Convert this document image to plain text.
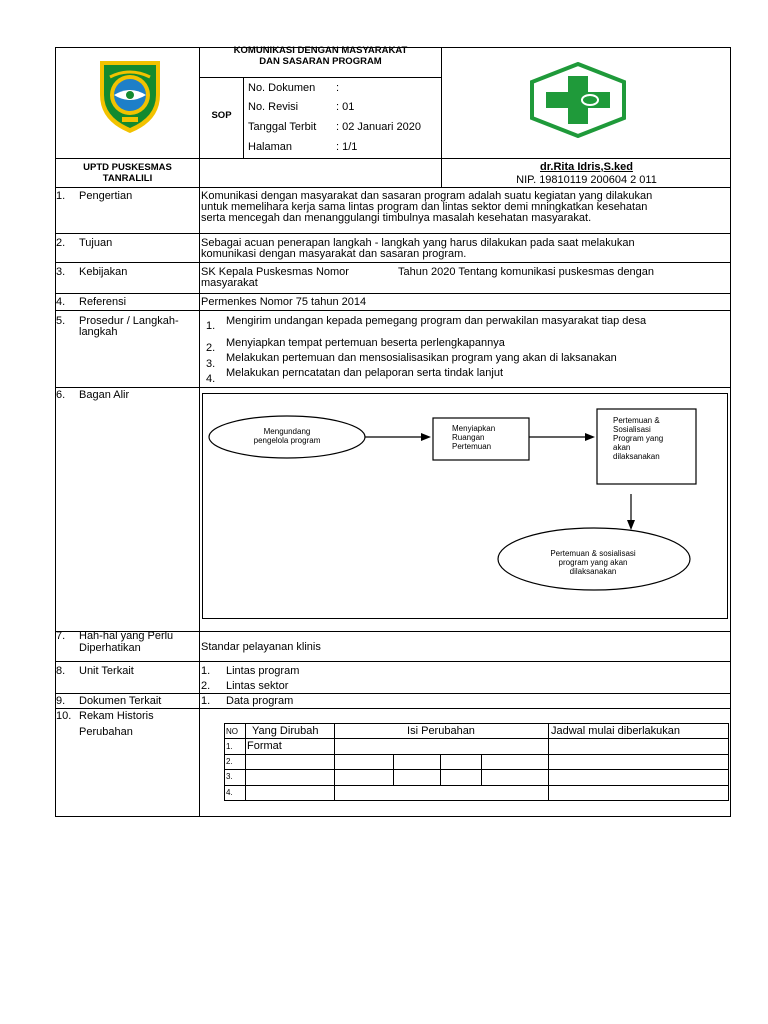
KOMUNIKASI DENGAN MASYARAKAT
DAN SASARAN PROGRAM
SOP
No. Dokumen :
No. Revisi	: 01
Tanggal Terbit : 02 Januari 2020
Halaman	: 1/1
UPTD PUSKESMAS
TANRALILI
dr.Rita Idris,S.ked
NIP. 19810119 200604 2 011
1. Pengertian	Komunikasi dengan masyarakat dan sasaran program adalah suatu kegiatan yang dilakukan
untuk memelihara kerja sama lintas program dan lintas sektor demi mningkatkan kesehatan
serta mencegah dan menanggulangi timbulnya masalah kesehatan masyarakat.
2. Tujuan	Sebagai acuan penerapan langkah - langkah yang harus dilakukan pada saat melakukan
komunikasi dengan masyarakat dan sasaran program.
3. Kebijakan	SK Kepala Puskesmas Nomor	Tahun 2020 Tentang komunikasi puskesmas dengan
masyarakat
4. Referensi	Permenkes Nomor 75 tahun 2014
5. Prosedur / Langkah-
langkah	1. Mengirim undangan kepada pemegang program dan perwakilan masyarakat tiap desa
2. Menyiapkan tempat pertemuan beserta perlengkapannya
3. Melakukan pertemuan dan mensosialisasikan program yang akan di laksanakan
4. Melakukan perncatatan dan pelaporan serta tindak lanjut
6. Bagan Alir
Mengundang
pengelola program
Menyiapkan
Ruangan
Pertemuan
Pertemuan &
Sosialisasi
Program yang
akan
dilaksanakan
Pertemuan & sosialisasi
program yang akan
dilaksanakan
7. Hah-hal yang Perlu
Diperhatikan	Standar pelayanan klinis
8. Unit Terkait	1. Lintas program
2. Lintas sektor
9. Dokumen Terkait	1. Data program
10. Rekam Historis
Perubahan	NO Yang Dirubah	Isi Perubahan	Jadwal mulai diberlakukan
1. Format
2.
3.
4.
